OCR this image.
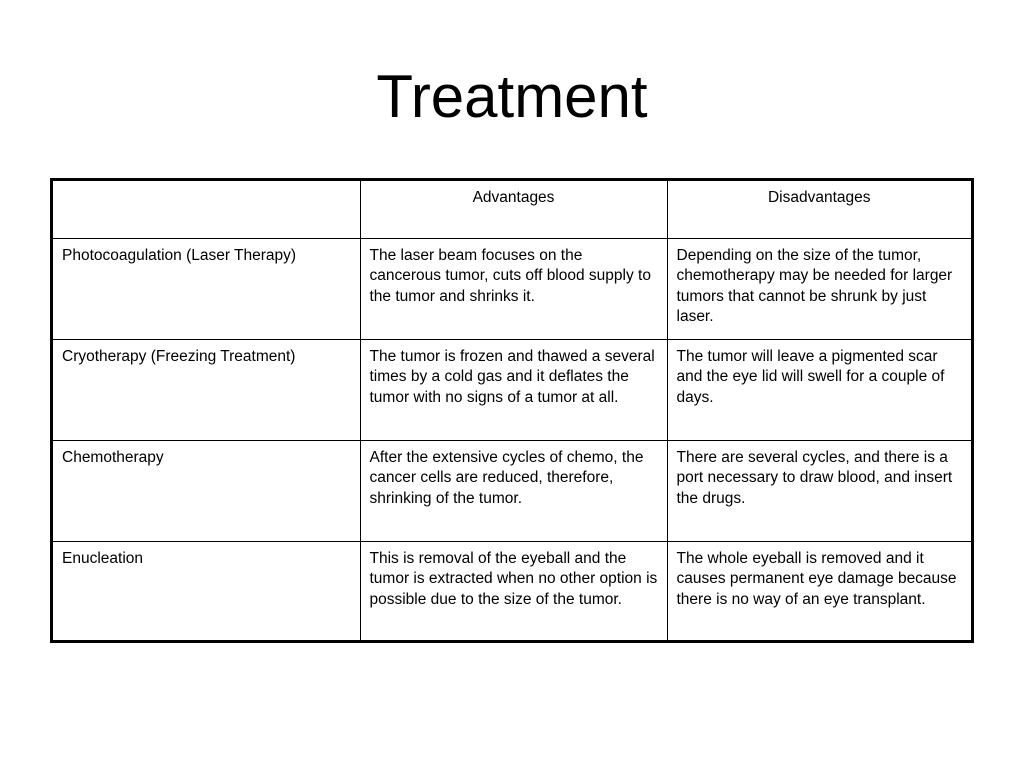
Treatment
	Advantages	Disadvantages
Photocoagulation (Laser Therapy)	The laser beam focuses on the cancerous tumor, cuts off blood supply to the tumor and shrinks it.	Depending on the size of the tumor, chemotherapy may be needed for larger tumors that cannot be shrunk by just laser.
Cryotherapy (Freezing Treatment)	The tumor is frozen and thawed a several times by a cold gas and it deflates the tumor with no signs of a tumor at all.	The tumor will leave a pigmented scar and the eye lid will swell for a couple of days.
Chemotherapy	After the extensive cycles of chemo, the cancer cells are reduced, therefore, shrinking of the tumor.	There are several cycles, and there is a port necessary to draw blood, and insert the drugs.
Enucleation	This is removal of the eyeball and the tumor is extracted when no other option is possible due to the size of the tumor.	The whole eyeball is removed and it causes permanent eye damage because there is no way of an eye transplant.
